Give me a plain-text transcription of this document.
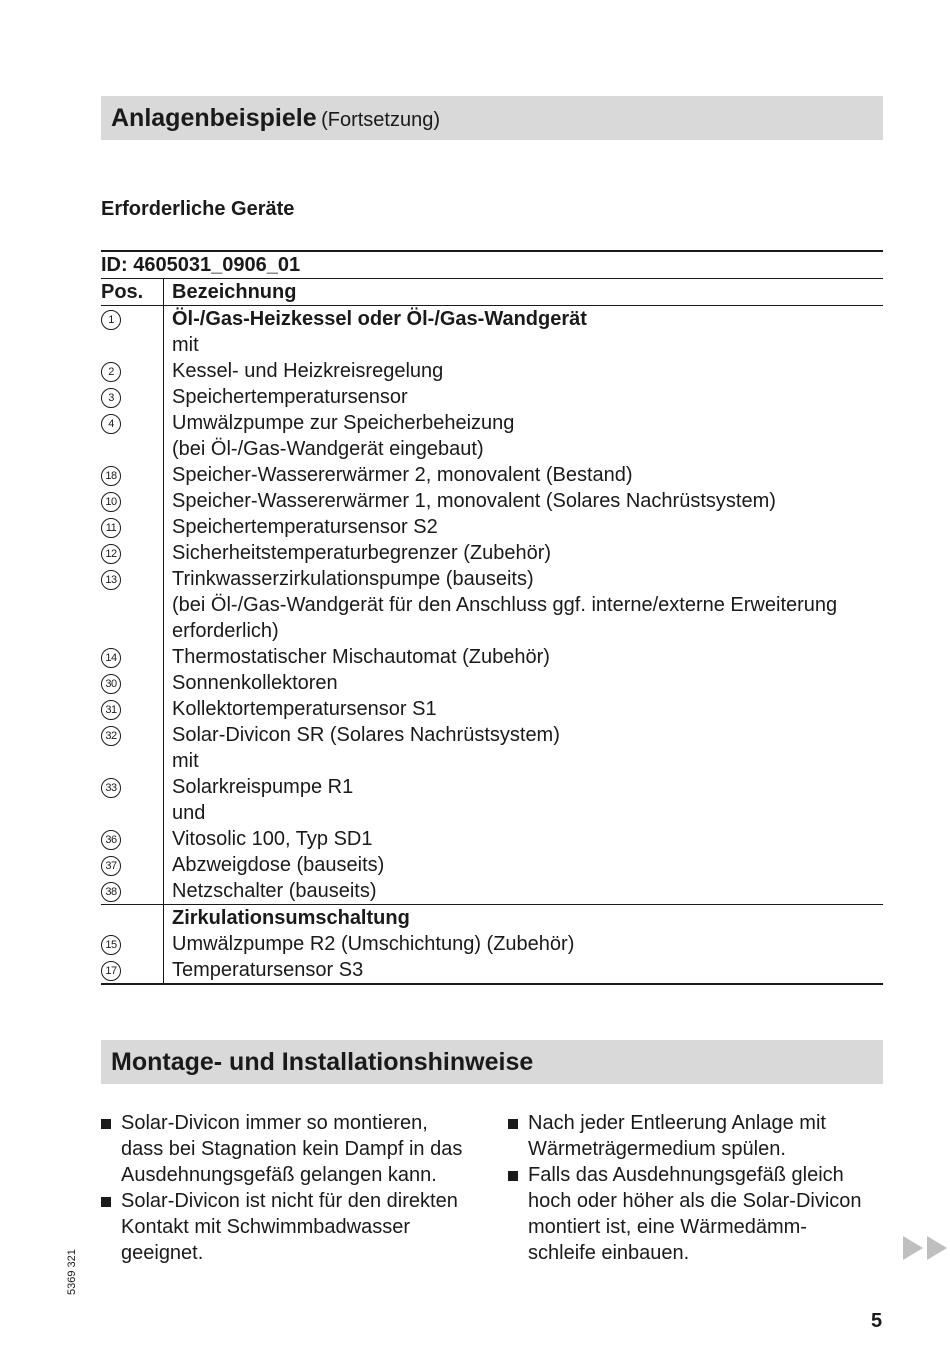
Anlagenbeispiele (Fortsetzung)
Erforderliche Geräte
ID: 4605031_0906_01	
Pos.	Bezeichnung
1	Öl-/Gas-Heizkessel oder Öl-/Gas-Wandgerät
	mit
2	Kessel- und Heizkreisregelung
3	Speichertemperatursensor
4	Umwälzpumpe zur Speicherbeheizung
	(bei Öl-/Gas-Wandgerät eingebaut)
18	Speicher-Wassererwärmer 2, monovalent (Bestand)
10	Speicher-Wassererwärmer 1, monovalent (Solares Nachrüstsystem)
11	Speichertemperatursensor S2
12	Sicherheitstemperaturbegrenzer (Zubehör)
13	Trinkwasserzirkulationspumpe (bauseits)
	(bei Öl-/Gas-Wandgerät für den Anschluss ggf. interne/externe Erweiterung
	erforderlich)
14	Thermostatischer Mischautomat (Zubehör)
30	Sonnenkollektoren
31	Kollektortemperatursensor S1
32	Solar-Divicon SR (Solares Nachrüstsystem)
	mit
33	Solarkreispumpe R1
	und
36	Vitosolic 100, Typ SD1
37	Abzweigdose (bauseits)
38	Netzschalter (bauseits)
	Zirkulationsumschaltung
15	Umwälzpumpe R2 (Umschichtung) (Zubehör)
17	Temperatursensor S3
Montage- und Installationshinweise
Solar-Divicon immer so montieren,
dass bei Stagnation kein Dampf in das
Ausdehnungsgefäß gelangen kann.
Solar-Divicon ist nicht für den direkten
Kontakt mit Schwimmbadwasser
geeignet.
Nach jeder Entleerung Anlage mit
Wärmeträgermedium spülen.
Falls das Ausdehnungsgefäß gleich
hoch oder höher als die Solar-Divicon
montiert ist, eine Wärmedämm-
schleife einbauen.
5369 321
5
